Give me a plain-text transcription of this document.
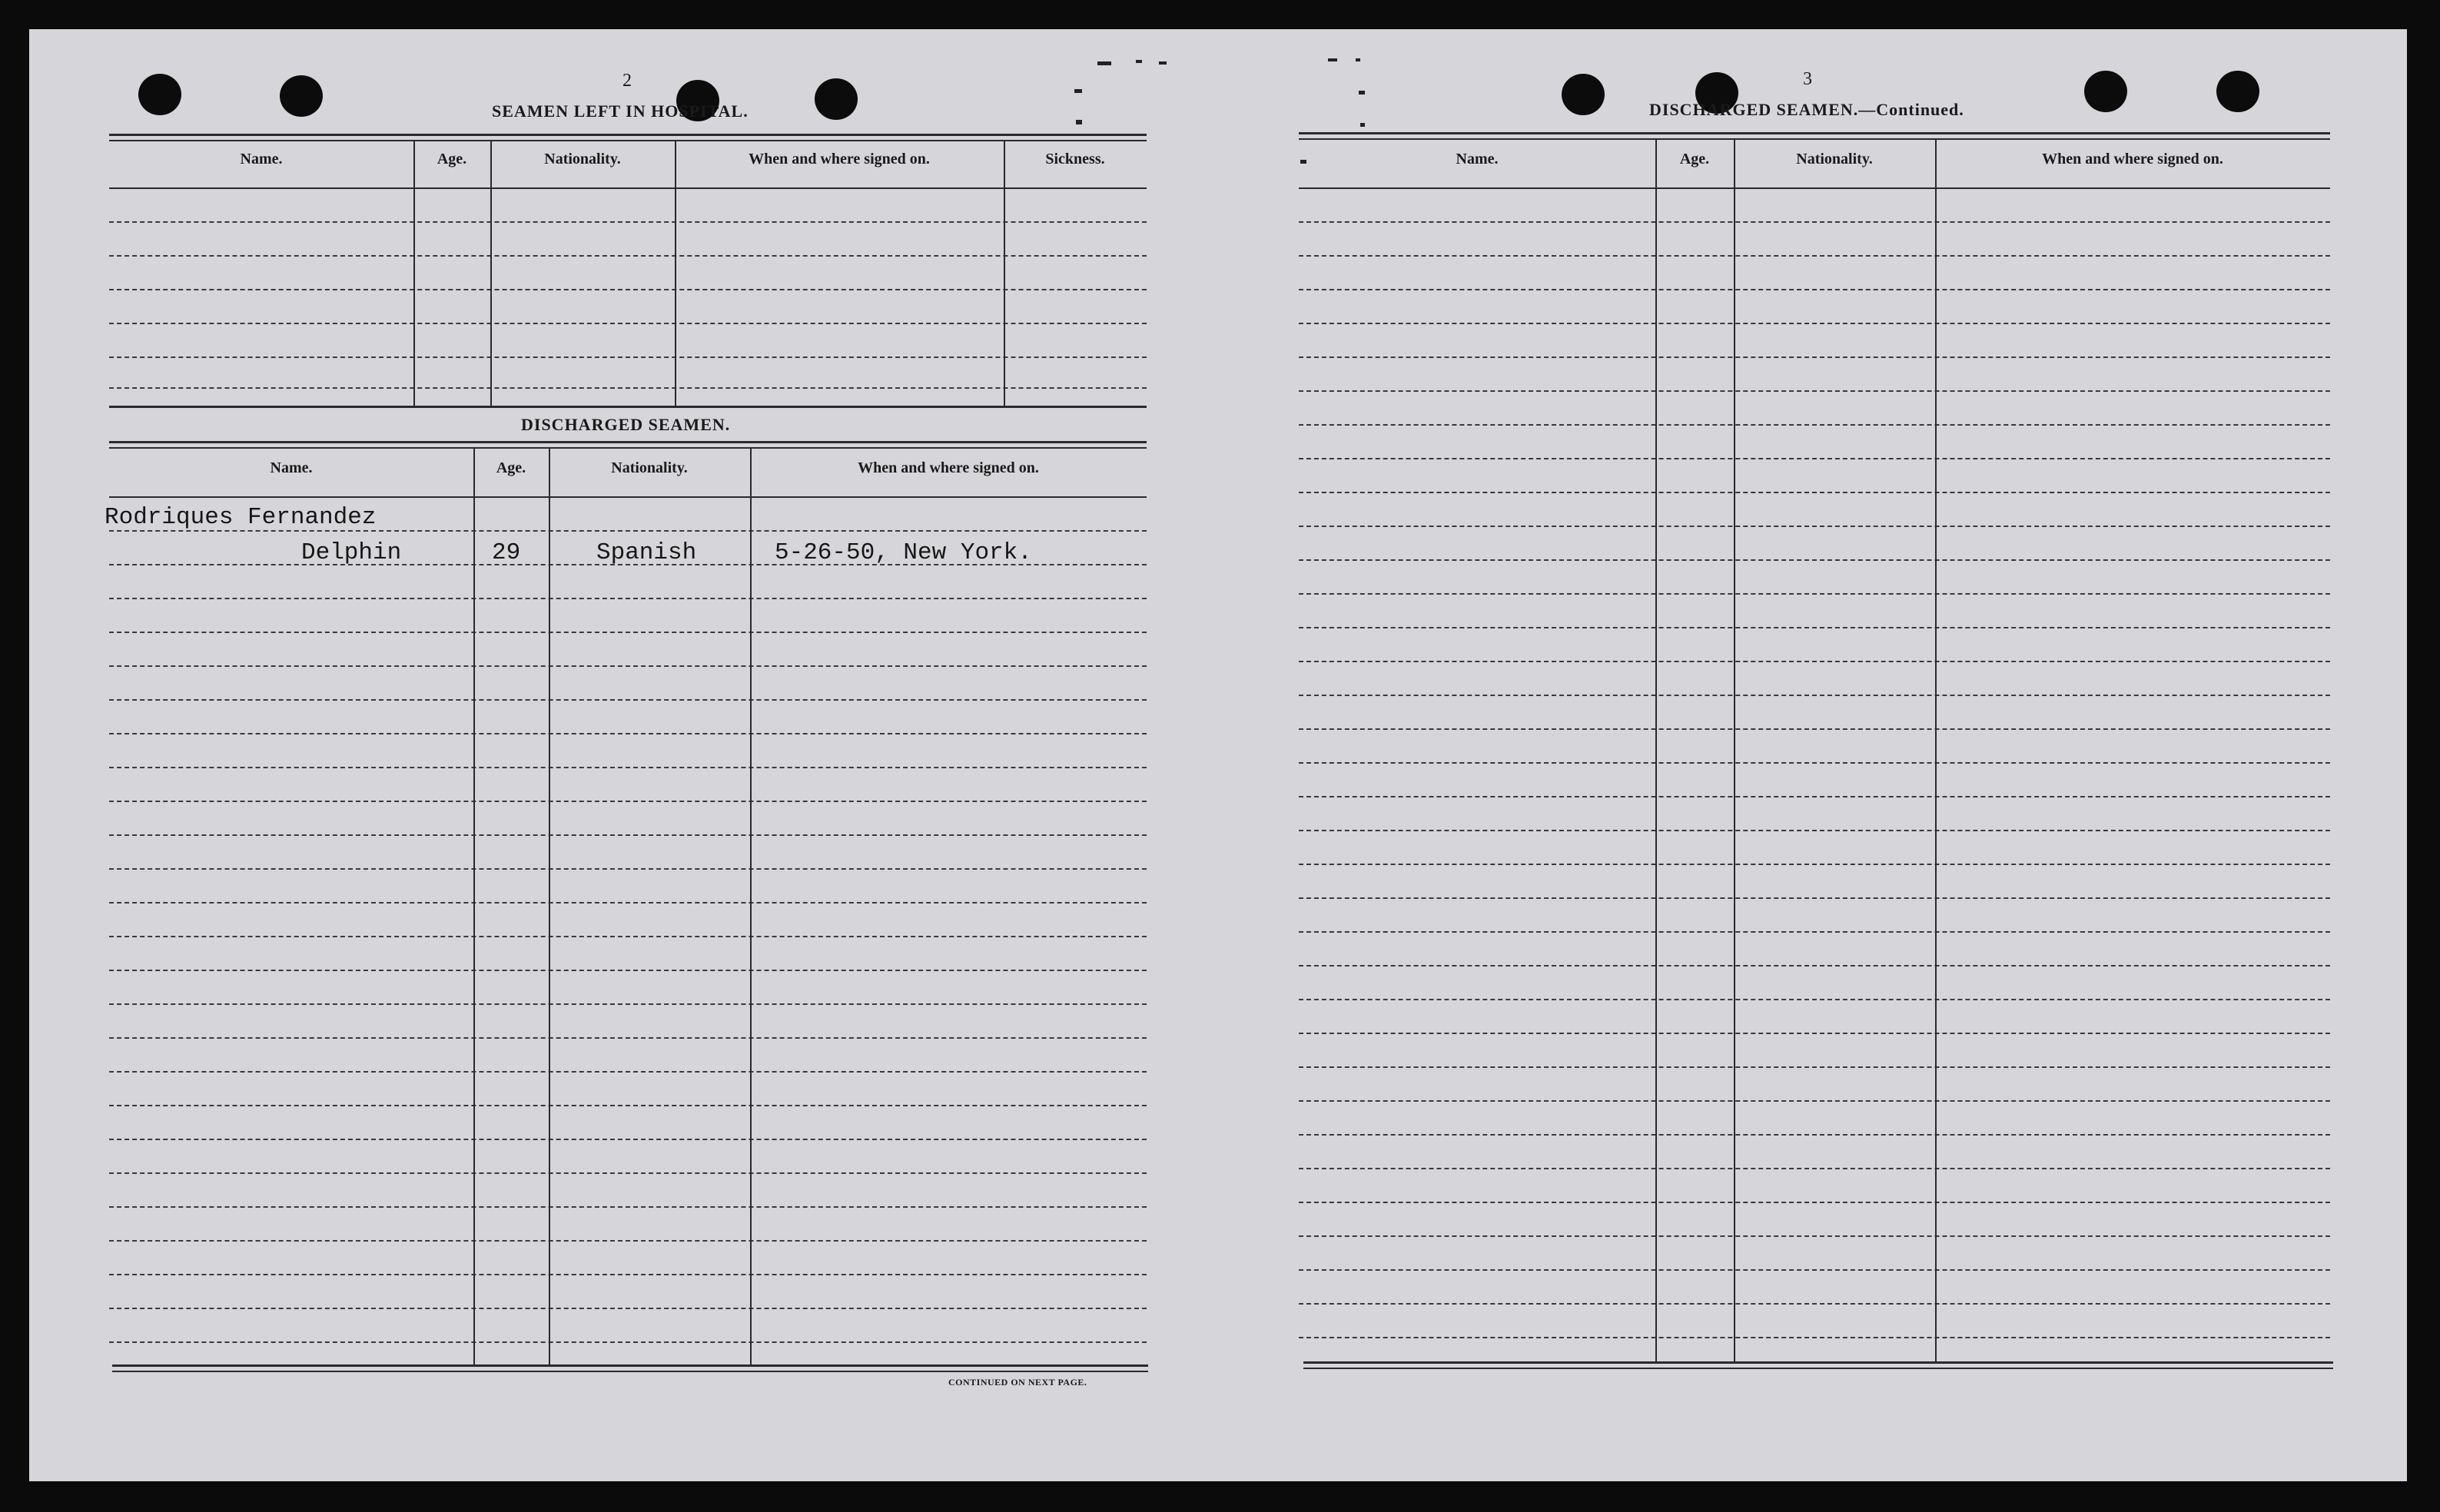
2
SEAMEN LEFT IN HOSPITAL.
Name.	Age.	Nationality.	When and where signed on.	Sickness.
DISCHARGED SEAMEN.
Name.	Age.	Nationality.	When and where signed on.
Rodriques Fernandez
Delphin	29	Spanish	5-26-50, New York.
CONTINUED ON NEXT PAGE.
3
DISCHARGED SEAMEN.—Continued.
Name.	Age.	Nationality.	When and where signed on.
